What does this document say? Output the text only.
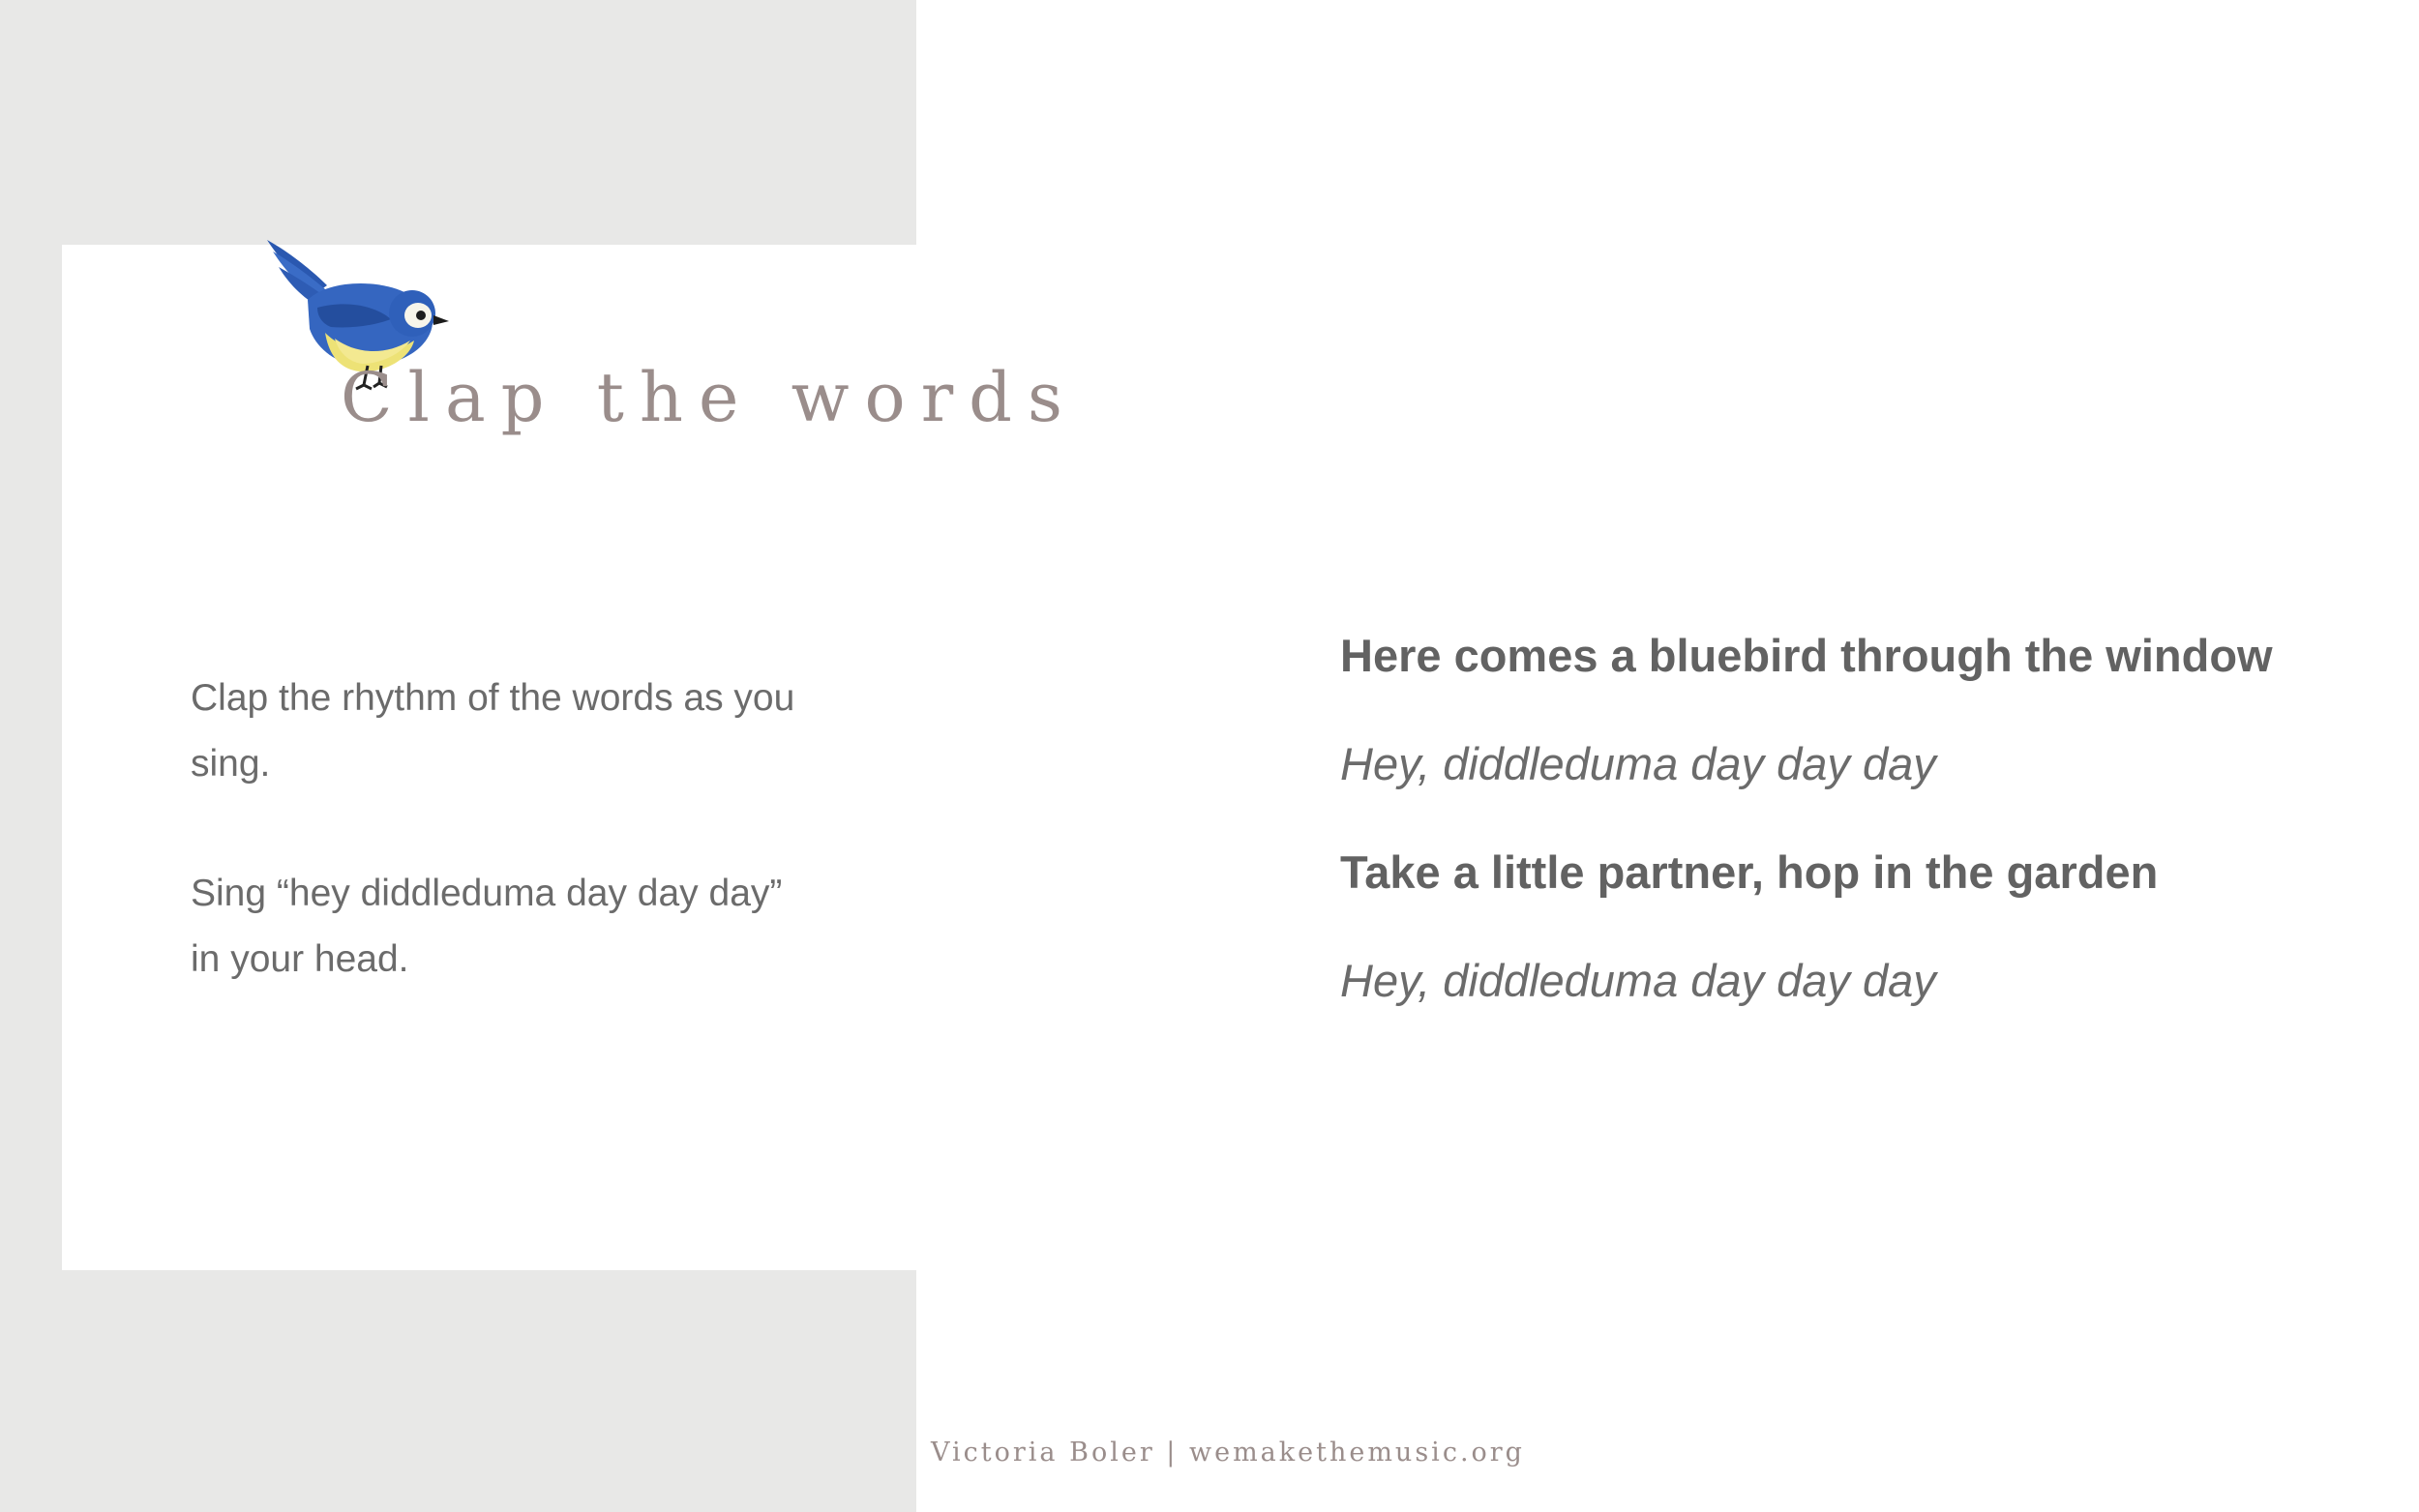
Clap the words

Clap the rhythm of the words as you sing.

Sing “hey diddleduma day day day” in your head.

Here comes a bluebird through the window
Hey, diddleduma day day day
Take a little partner, hop in the garden
Hey, diddleduma day day day
Victoria Boler | wemakethemusic.org
